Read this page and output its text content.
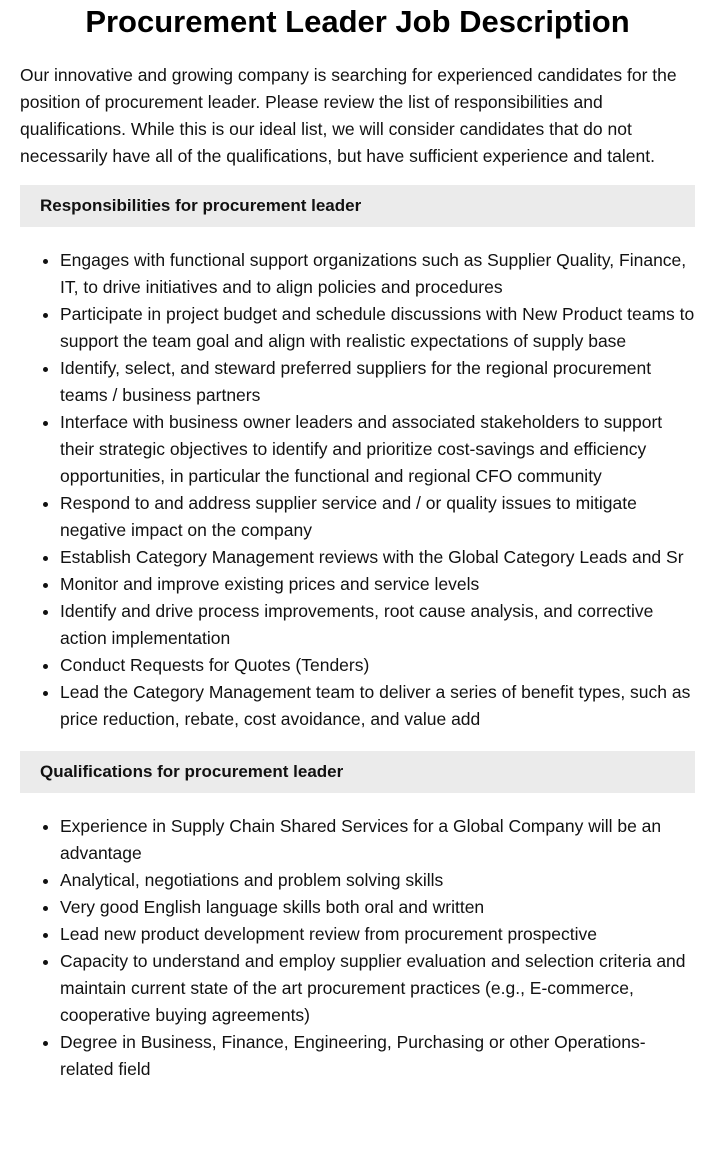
Procurement Leader Job Description

Our innovative and growing company is searching for experienced candidates for the position of procurement leader. Please review the list of responsibilities and qualifications. While this is our ideal list, we will consider candidates that do not necessarily have all of the qualifications, but have sufficient experience and talent.

Responsibilities for procurement leader
• Engages with functional support organizations such as Supplier Quality, Finance, IT, to drive initiatives and to align policies and procedures
• Participate in project budget and schedule discussions with New Product teams to support the team goal and align with realistic expectations of supply base
• Identify, select, and steward preferred suppliers for the regional procurement teams / business partners
• Interface with business owner leaders and associated stakeholders to support their strategic objectives to identify and prioritize cost-savings and efficiency opportunities, in particular the functional and regional CFO community
• Respond to and address supplier service and / or quality issues to mitigate negative impact on the company
• Establish Category Management reviews with the Global Category Leads and Sr
• Monitor and improve existing prices and service levels
• Identify and drive process improvements, root cause analysis, and corrective action implementation
• Conduct Requests for Quotes (Tenders)
• Lead the Category Management team to deliver a series of benefit types, such as price reduction, rebate, cost avoidance, and value add
Qualifications for procurement leader
• Experience in Supply Chain Shared Services for a Global Company will be an advantage
• Analytical, negotiations and problem solving skills
• Very good English language skills both oral and written
• Lead new product development review from procurement prospective
• Capacity to understand and employ supplier evaluation and selection criteria and maintain current state of the art procurement practices (e.g., E-commerce, cooperative buying agreements)
• Degree in Business, Finance, Engineering, Purchasing or other Operations-related field
